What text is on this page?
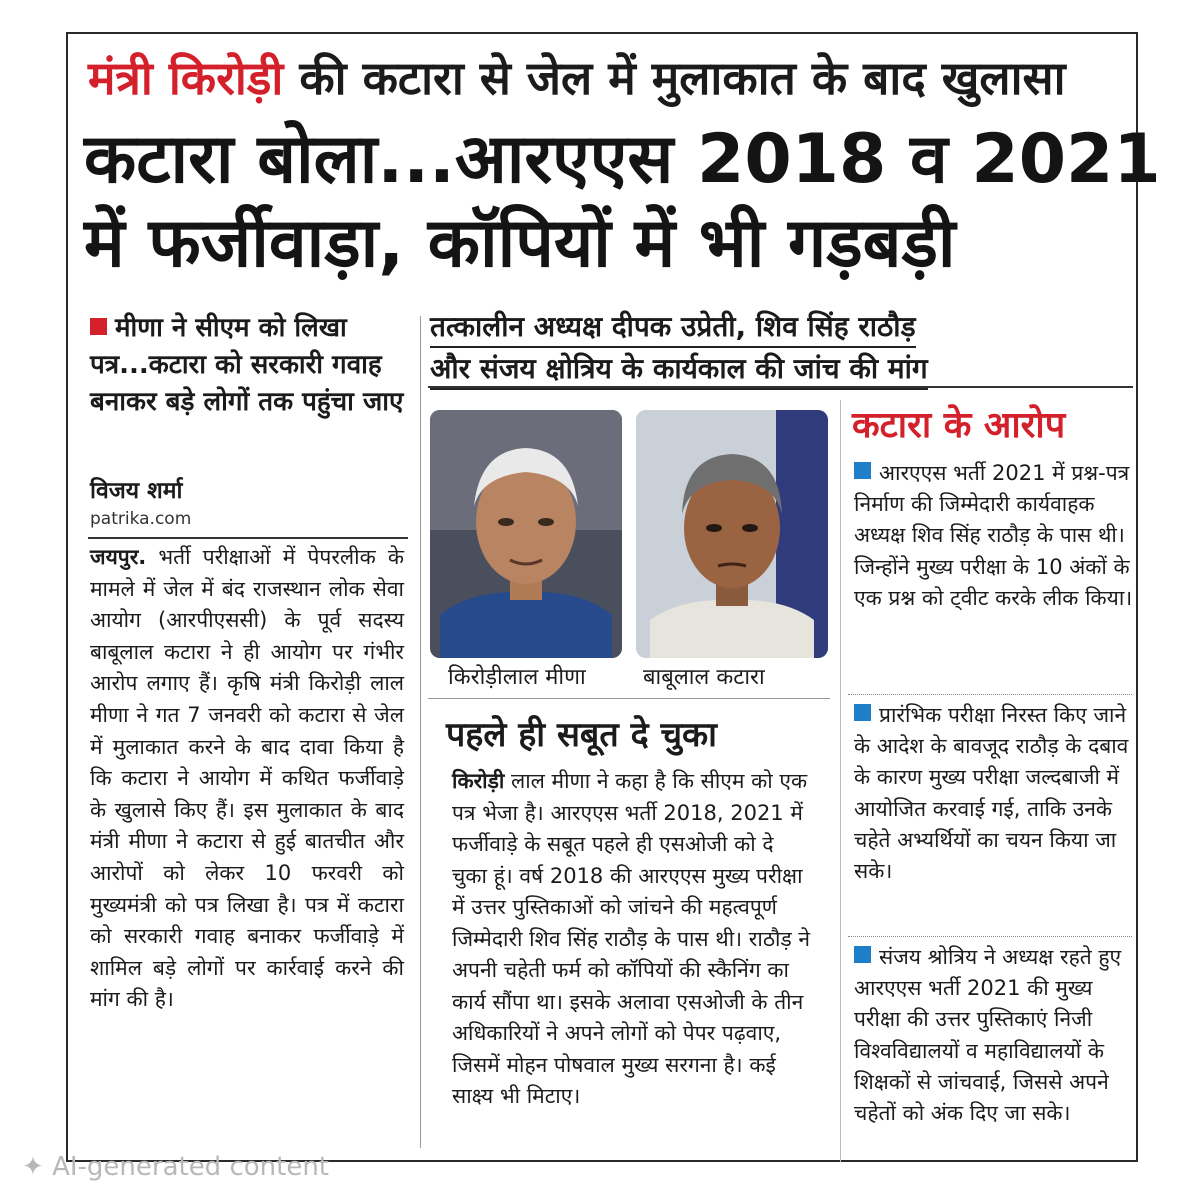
मंत्री किरोड़ी की कटारा से जेल में मुलाकात के बाद खुलासा
कटारा बोला...आरएएस 2018 व 2021
में फर्जीवाड़ा, कॉपियों में भी गड़बड़ी
मीणा ने सीएम को लिखा पत्र...कटारा को सरकारी गवाह बनाकर बड़े लोगों तक पहुंचा जाए
विजय शर्मा
patrika.com

जयपुर. भर्ती परीक्षाओं में पेपरलीक के मामले में जेल में बंद राजस्थान लोक सेवा आयोग (आरपीएससी) के पूर्व सदस्य बाबूलाल कटारा ने ही आयोग पर गंभीर आरोप लगाए हैं। कृषि मंत्री किरोड़ी लाल मीणा ने गत 7 जनवरी को कटारा से जेल में मुलाकात करने के बाद दावा किया है कि कटारा ने आयोग में कथित फर्जीवाड़े के खुलासे किए हैं। इस मुलाकात के बाद मंत्री मीणा ने कटारा से हुई बातचीत और आरोपों को लेकर 10 फरवरी को मुख्यमंत्री को पत्र लिखा है। पत्र में कटारा को सरकारी गवाह बनाकर फर्जीवाड़े में शामिल बड़े लोगों पर कार्रवाई करने की मांग की है।

तत्कालीन अध्यक्ष दीपक उप्रेती, शिव सिंह राठौड़
और संजय क्षोत्रिय के कार्यकाल की जांच की मांग
किरोड़ीलाल मीणा	बाबूलाल कटारा
पहले ही सबूत दे चुका

किरोड़ी लाल मीणा ने कहा है कि सीएम को एक पत्र भेजा है। आरएएस भर्ती 2018, 2021 में फर्जीवाड़े के सबूत पहले ही एसओजी को दे चुका हूं। वर्ष 2018 की आरएएस मुख्य परीक्षा में उत्तर पुस्तिकाओं को जांचने की महत्वपूर्ण जिम्मेदारी शिव सिंह राठौड़ के पास थी। राठौड़ ने अपनी चहेती फर्म को कॉपियों की स्कैनिंग का कार्य सौंपा था। इसके अलावा एसओजी के तीन अधिकारियों ने अपने लोगों को पेपर पढ़वाए, जिसमें मोहन पोषवाल मुख्य सरगना है। कई साक्ष्य भी मिटाए।

कटारा के आरोप

आरएएस भर्ती 2021 में प्रश्न-पत्र निर्माण की जिम्मेदारी कार्यवाहक अध्यक्ष शिव सिंह राठौड़ के पास थी। जिन्होंने मुख्य परीक्षा के 10 अंकों के एक प्रश्न को ट्वीट करके लीक किया।

प्रारंभिक परीक्षा निरस्त किए जाने के आदेश के बावजूद राठौड़ के दबाव के कारण मुख्य परीक्षा जल्दबाजी में आयोजित करवाई गई, ताकि उनके चहेते अभ्यर्थियों का चयन किया जा सके।

संजय श्रोत्रिय ने अध्यक्ष रहते हुए आरएएस भर्ती 2021 की मुख्य परीक्षा की उत्तर पुस्तिकाएं निजी विश्वविद्यालयों व महाविद्यालयों के शिक्षकों से जांचवाई, जिससे अपने चहेतों को अंक दिए जा सके।

✦ AI-generated content
